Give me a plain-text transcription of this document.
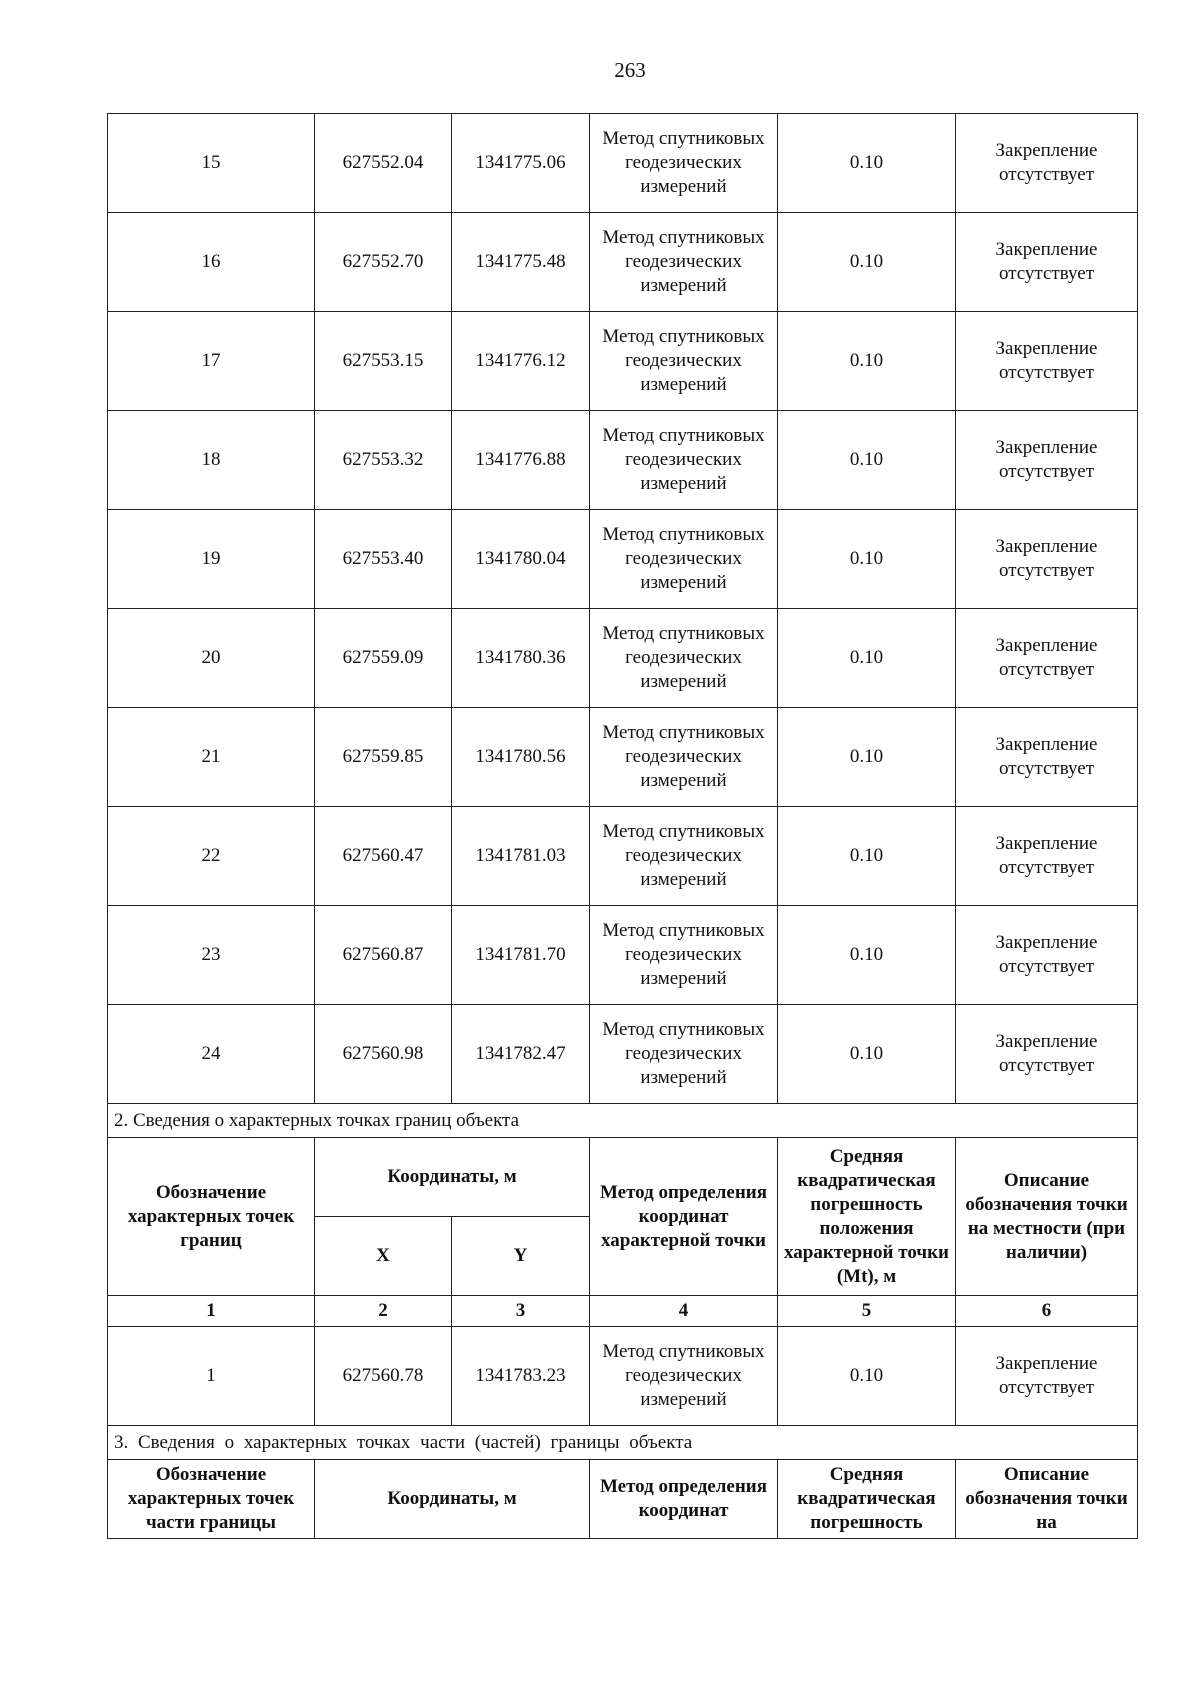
263
15	627552.04	1341775.06	Метод спутниковых геодезических измерений	0.10	Закрепление отсутствует
16	627552.70	1341775.48	Метод спутниковых геодезических измерений	0.10	Закрепление отсутствует
17	627553.15	1341776.12	Метод спутниковых геодезических измерений	0.10	Закрепление отсутствует
18	627553.32	1341776.88	Метод спутниковых геодезических измерений	0.10	Закрепление отсутствует
19	627553.40	1341780.04	Метод спутниковых геодезических измерений	0.10	Закрепление отсутствует
20	627559.09	1341780.36	Метод спутниковых геодезических измерений	0.10	Закрепление отсутствует
21	627559.85	1341780.56	Метод спутниковых геодезических измерений	0.10	Закрепление отсутствует
22	627560.47	1341781.03	Метод спутниковых геодезических измерений	0.10	Закрепление отсутствует
23	627560.87	1341781.70	Метод спутниковых геодезических измерений	0.10	Закрепление отсутствует
24	627560.98	1341782.47	Метод спутниковых геодезических измерений	0.10	Закрепление отсутствует
2. Сведения о характерных точках границ объекта					
Обозначение характерных точек границ	Координаты, м		Метод определения координат характерной точки	Средняя квадратическая погрешность положения характерной точки (Mt), м	Описание обозначения точки на местности (при наличии)
	X	Y			
1	2	3	4	5	6
1	627560.78	1341783.23	Метод спутниковых геодезических измерений	0.10	Закрепление отсутствует
3. Сведения о характерных точках части (частей) границы объекта					
Обозначение характерных точек части границы	Координаты, м		Метод определения координат	Средняя квадратическая погрешность	Описание обозначения точки на
